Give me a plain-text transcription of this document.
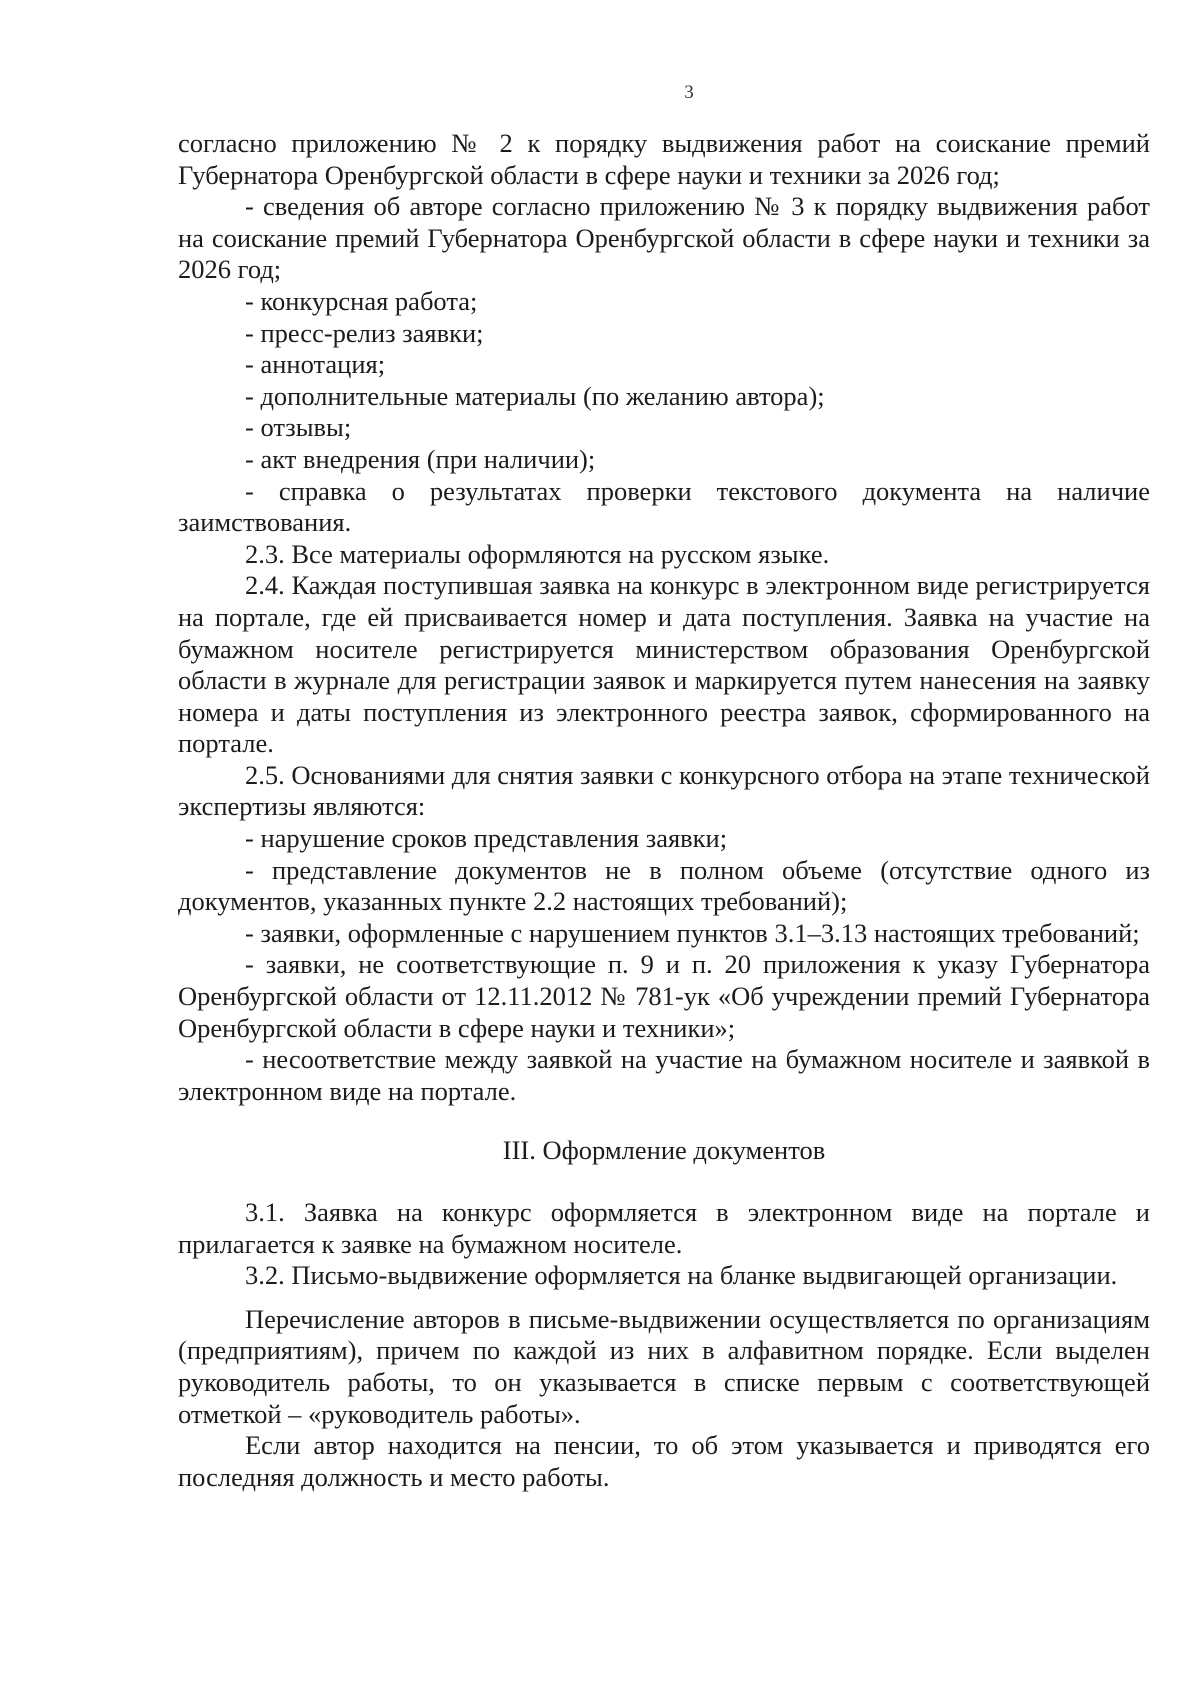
3

согласно приложению № 2 к порядку выдвижения работ на соискание премий Губернатора Оренбургской области в сфере науки и техники за 2026 год;

- сведения об авторе согласно приложению № 3 к порядку выдвижения работ на соискание премий Губернатора Оренбургской области в сфере науки и техники за 2026 год;

- конкурсная работа;

- пресс-релиз заявки;

- аннотация;

- дополнительные материалы (по желанию автора);

- отзывы;

- акт внедрения (при наличии);

- справка о результатах проверки текстового документа на наличие заимствования.

2.3. Все материалы оформляются на русском языке.

2.4. Каждая поступившая заявка на конкурс в электронном виде регистрируется на портале, где ей присваивается номер и дата поступления. Заявка на участие на бумажном носителе регистрируется министерством образования Оренбургской области в журнале для регистрации заявок и маркируется путем нанесения на заявку номера и даты поступления из электронного реестра заявок, сформированного на портале.

2.5. Основаниями для снятия заявки с конкурсного отбора на этапе технической экспертизы являются:

- нарушение сроков представления заявки;

- представление документов не в полном объеме (отсутствие одного из документов, указанных пункте 2.2 настоящих требований);

- заявки, оформленные с нарушением пунктов 3.1–3.13 настоящих требований;

- заявки, не соответствующие п. 9 и п. 20 приложения к указу Губернатора Оренбургской области от 12.11.2012 № 781-ук «Об учреждении премий Губернатора Оренбургской области в сфере науки и техники»;

- несоответствие между заявкой на участие на бумажном носителе и заявкой в электронном виде на портале.

III. Оформление документов

3.1. Заявка на конкурс оформляется в электронном виде на портале и прилагается к заявке на бумажном носителе.

3.2. Письмо-выдвижение оформляется на бланке выдвигающей организации.

Перечисление авторов в письме-выдвижении осуществляется по организациям (предприятиям), причем по каждой из них в алфавитном порядке. Если выделен руководитель работы, то он указывается в списке первым с соответствующей отметкой – «руководитель работы».

Если автор находится на пенсии, то об этом указывается и приводятся его последняя должность и место работы.
